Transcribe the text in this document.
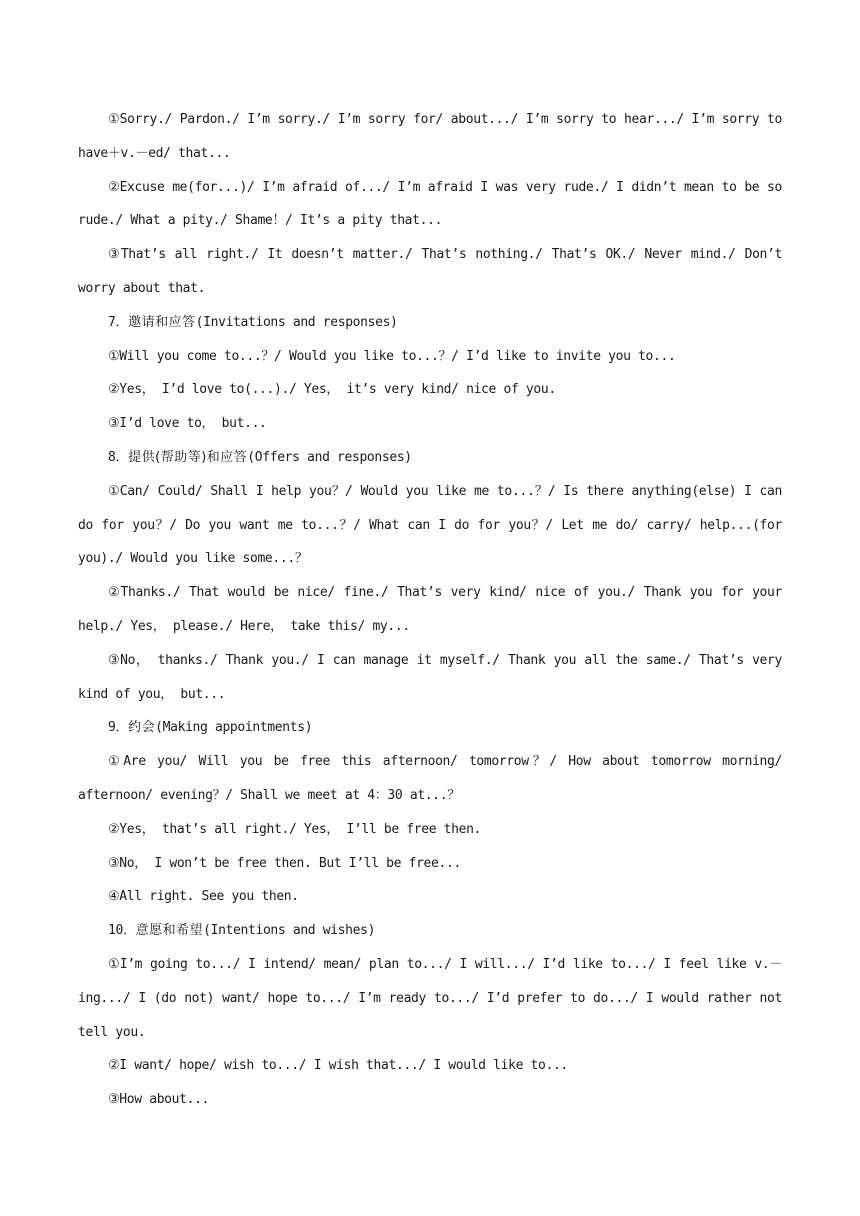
①Sorry./ Pardon./ I’m sorry./ I’m sorry for/ about.../ I’m sorry to hear.../ I’m sorry to have＋v.－ed/ that...

②Excuse me(for...)/ I’m afraid of.../ I’m afraid I was very rude./ I didn’t mean to be so rude./ What a pity./ Shame！/ It’s a pity that...

③That’s all right./ It doesn’t matter./ That’s nothing./ That’s OK./ Never mind./ Don’t worry about that.

7．邀请和应答(Invitations and responses)

①Will you come to...？/ Would you like to...？/ I’d like to invite you to...

②Yes， I’d love to(...)./ Yes， it’s very kind/ nice of you.

③I’d love to， but...

8．提供(帮助等)和应答(Offers and responses)

①Can/ Could/ Shall I help you？/ Would you like me to...？/ Is there anything(else) I can do for you？/ Do you want me to...？/ What can I do for you？/ Let me do/ carry/ help...(for you)./ Would you like some...？

②Thanks./ That would be nice/ fine./ That’s very kind/ nice of you./ Thank you for your help./ Yes， please./ Here， take this/ my...

③No， thanks./ Thank you./ I can manage it myself./ Thank you all the same./ That’s very kind of you， but...

9．约会(Making appointments)

①Are you/ Will you be free this afternoon/ tomorrow？/ How about tomorrow morning/ afternoon/ evening？/ Shall we meet at 4：30 at...？

②Yes， that’s all right./ Yes， I’ll be free then.

③No， I won’t be free then. But I’ll be free...

④All right. See you then.

10．意愿和希望(Intentions and wishes)

①I’m going to.../ I intend/ mean/ plan to.../ I will.../ I’d like to.../ I feel like v.－ing.../ I (do not) want/ hope to.../ I’m ready to.../ I’d prefer to do.../ I would rather not tell you.

②I want/ hope/ wish to.../ I wish that.../ I would like to...

③How about...
